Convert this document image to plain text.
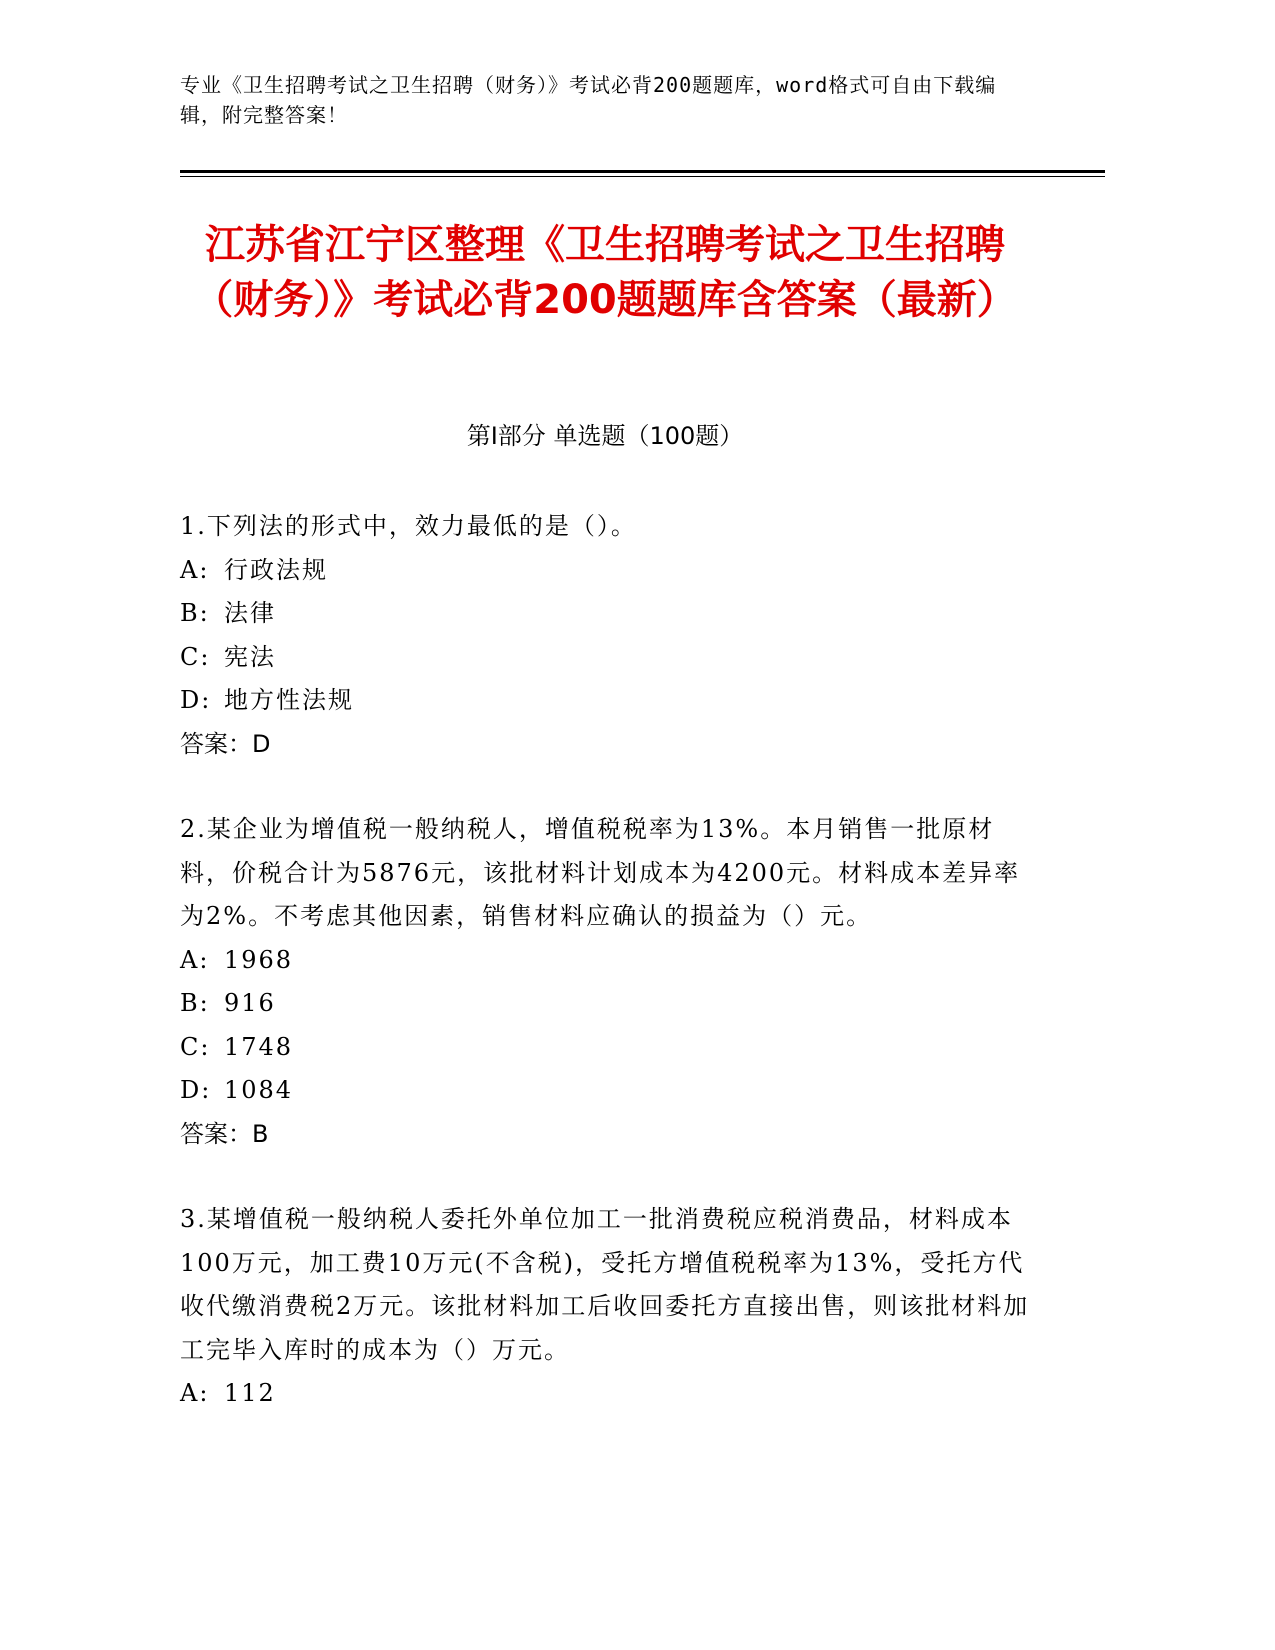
专业《卫生招聘考试之卫生招聘（财务）》考试必背200题题库，word格式可自由下载编辑，附完整答案！
江苏省江宁区整理《卫生招聘考试之卫生招聘（财务）》考试必背200题题库含答案（最新）
第I部分 单选题（100题）

1.下列法的形式中，效力最低的是（）。

A: 行政法规
B: 法律
C: 宪法
D: 地方性法规
答案：D

2.某企业为增值税一般纳税人，增值税税率为13%。本月销售一批原材料，价税合计为5876元，该批材料计划成本为4200元。材料成本差异率为2%。不考虑其他因素，销售材料应确认的损益为（）元。

A: 1968
B: 916
C: 1748
D: 1084
答案：B

3.某增值税一般纳税人委托外单位加工一批消费税应税消费品，材料成本100万元，加工费10万元(不含税)，受托方增值税税率为13%，受托方代收代缴消费税2万元。该批材料加工后收回委托方直接出售，则该批材料加工完毕入库时的成本为（）万元。

A: 112
